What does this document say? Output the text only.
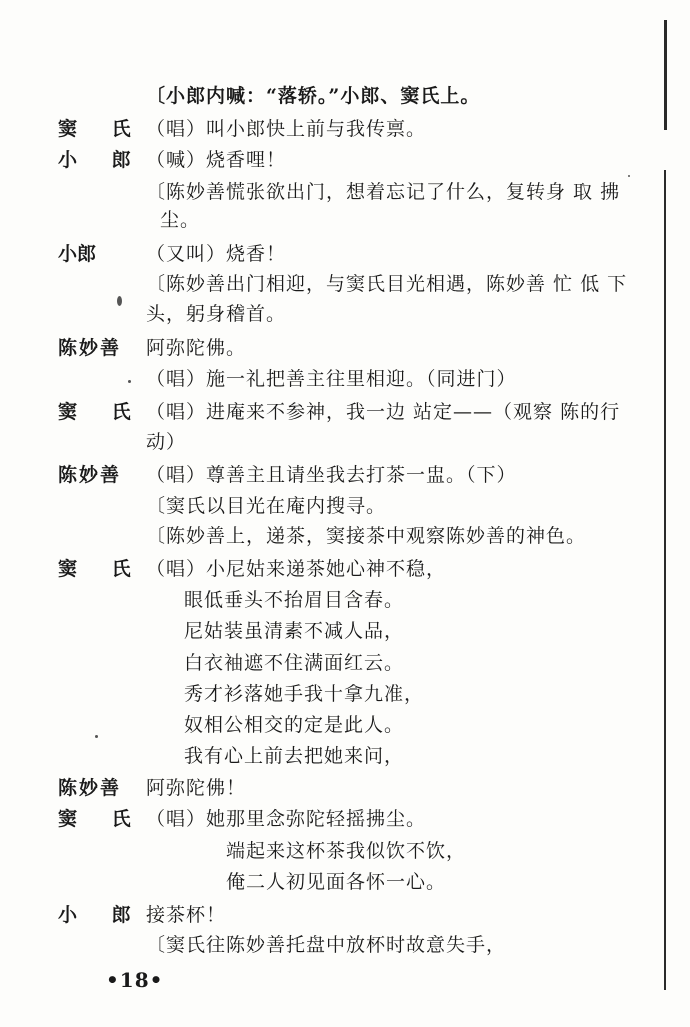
〔小郎内喊：“落轿。”小郎、窦氏上。
窦 氏 （唱）叫小郎快上前与我传禀。
小 郎 （喊）烧香哩！
〔陈妙善慌张欲出门，想着忘记了什么，复转身 取 拂
尘。
小郎	（又叫）烧香！
〔陈妙善出门相迎，与窦氏目光相遇，陈妙善 忙 低 下
头，躬身稽首。
陈妙善 阿弥陀佛。
（唱）施一礼把善主往里相迎。（同进门）
窦 氏 （唱）进庵来不参神，我一边 站定——（观察 陈的行
动）
陈妙善 （唱）尊善主且请坐我去打茶一盅。（下）
〔窦氏以目光在庵内搜寻。
〔陈妙善上，递茶，窦接茶中观察陈妙善的神色。
窦 氏 （唱）小尼姑来递茶她心神不稳，
眼低垂头不抬眉目含春。
尼姑装虽清素不减人品，
白衣袖遮不住满面红云。
秀才衫落她手我十拿九准，
奴相公相交的定是此人。
我有心上前去把她来问，
陈妙善 阿弥陀佛！
窦 氏 （唱）她那里念弥陀轻摇拂尘。
端起来这杯茶我似饮不饮，
俺二人初见面各怀一心。
小 郎 接茶杯！
〔窦氏往陈妙善托盘中放杯时故意失手，
•18•
